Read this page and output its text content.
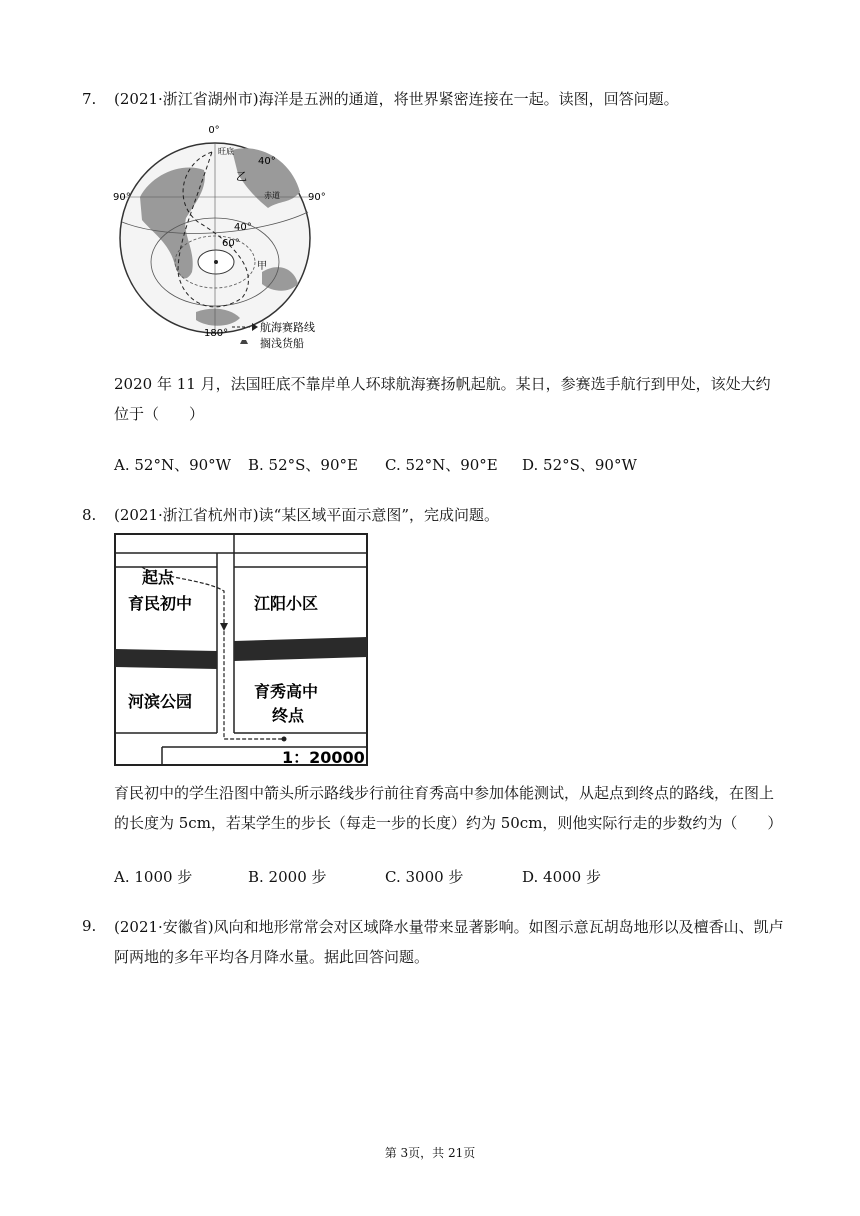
7. (2021·浙江省湖州市)海洋是五洲的通道，将世界紧密连接在一起。读图，回答问题。
0°
90°	90°
180°
40°
40°
60°
旺底
乙
赤道
甲
航海赛路线
搁浅货船
2020 年 11 月，法国旺底不靠岸单人环球航海赛扬帆起航。某日，参赛选手航行到甲处，该处大约位于（　　）
A. 52°N、90°W B. 52°S、90°E C. 52°N、90°E D. 52°S、90°W
8. (2021·浙江省杭州市)读“某区域平面示意图”，完成问题。
起点
育民初中	江阳小区
河滨公园
育秀高中
终点
1：20000
育民初中的学生沿图中箭头所示路线步行前往育秀高中参加体能测试，从起点到终点的路线，在图上的长度为 5cm，若某学生的步长（每走一步的长度）约为 50cm，则他实际行走的步数约为（　　）
A. 1000 步	B. 2000 步	C. 3000 步	D. 4000 步
9. (2021·安徽省)风向和地形常常会对区域降水量带来显著影响。如图示意瓦胡岛地形以及檀香山、凯卢阿两地的多年平均各月降水量。据此回答问题。
第 3页，共 21页
